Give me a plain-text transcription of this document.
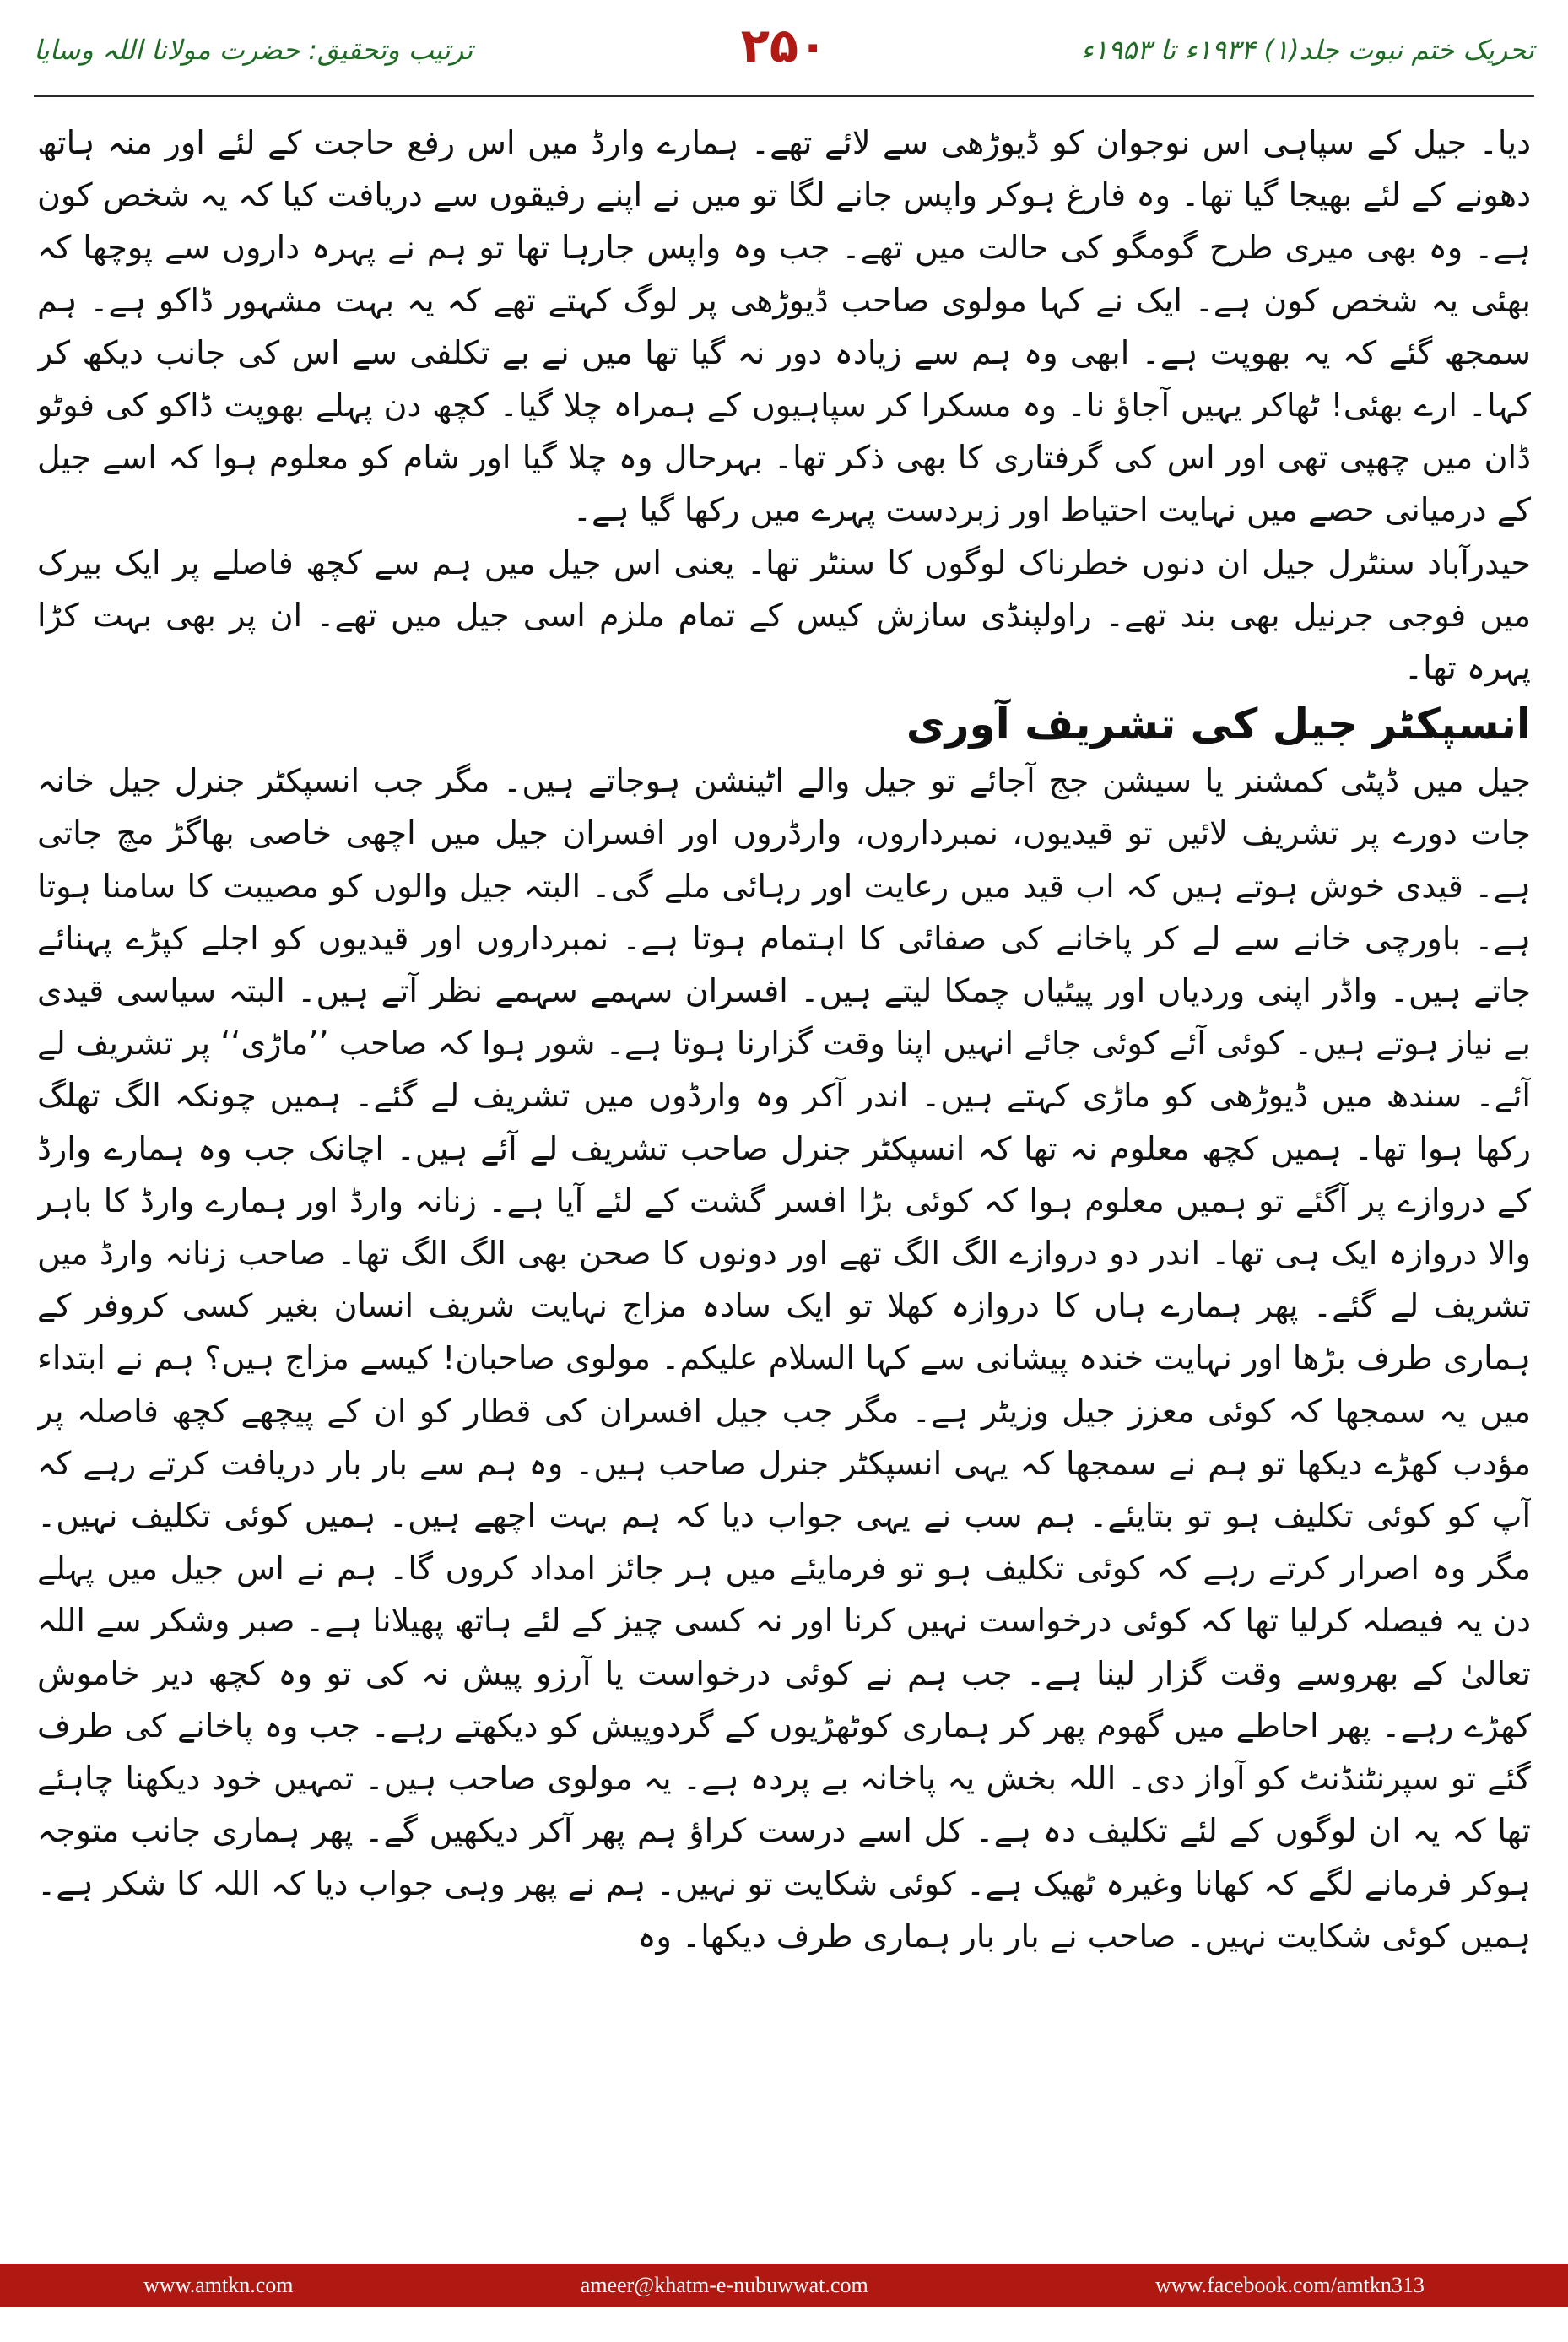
ترتیب وتحقیق: حضرت مولانا اللہ وسایا	۲۵۰	تحریک ختم نبوت جلد(۱) ۱۹۳۴ء تا ۱۹۵۳ء

دیا۔ جیل کے سپاہی اس نوجوان کو ڈیوڑھی سے لائے تھے۔ ہمارے وارڈ میں اس رفع حاجت کے لئے اور منہ ہاتھ دھونے کے لئے بھیجا گیا تھا۔ وہ فارغ ہوکر واپس جانے لگا تو میں نے اپنے رفیقوں سے دریافت کیا کہ یہ شخص کون ہے۔ وہ بھی میری طرح گومگو کی حالت میں تھے۔ جب وہ واپس جارہا تھا تو ہم نے پہرہ داروں سے پوچھا کہ بھئی یہ شخص کون ہے۔ ایک نے کہا مولوی صاحب ڈیوڑھی پر لوگ کہتے تھے کہ یہ بہت مشہور ڈاکو ہے۔ ہم سمجھ گئے کہ یہ بھوپت ہے۔ ابھی وہ ہم سے زیادہ دور نہ گیا تھا میں نے بے تکلفی سے اس کی جانب دیکھ کر کہا۔ ارے بھئی! ٹھاکر یہیں آجاؤ نا۔ وہ مسکرا کر سپاہیوں کے ہمراہ چلا گیا۔ کچھ دن پہلے بھوپت ڈاکو کی فوٹو ڈان میں چھپی تھی اور اس کی گرفتاری کا بھی ذکر تھا۔ بہرحال وہ چلا گیا اور شام کو معلوم ہوا کہ اسے جیل کے درمیانی حصے میں نہایت احتیاط اور زبردست پہرے میں رکھا گیا ہے۔

حیدرآباد سنٹرل جیل ان دنوں خطرناک لوگوں کا سنٹر تھا۔ یعنی اس جیل میں ہم سے کچھ فاصلے پر ایک بیرک میں فوجی جرنیل بھی بند تھے۔ راولپنڈی سازش کیس کے تمام ملزم اسی جیل میں تھے۔ ان پر بھی بہت کڑا پہرہ تھا۔

انسپکٹر جیل کی تشریف آوری

جیل میں ڈپٹی کمشنر یا سیشن جج آجائے تو جیل والے اٹینشن ہوجاتے ہیں۔ مگر جب انسپکٹر جنرل جیل خانہ جات دورے پر تشریف لائیں تو قیدیوں، نمبرداروں، وارڈروں اور افسران جیل میں اچھی خاصی بھاگڑ مچ جاتی ہے۔ قیدی خوش ہوتے ہیں کہ اب قید میں رعایت اور رہائی ملے گی۔ البتہ جیل والوں کو مصیبت کا سامنا ہوتا ہے۔ باورچی خانے سے لے کر پاخانے کی صفائی کا اہتمام ہوتا ہے۔ نمبرداروں اور قیدیوں کو اجلے کپڑے پہنائے جاتے ہیں۔ واڈر اپنی وردیاں اور پیٹیاں چمکا لیتے ہیں۔ افسران سہمے سہمے نظر آتے ہیں۔ البتہ سیاسی قیدی بے نیاز ہوتے ہیں۔ کوئی آئے کوئی جائے انہیں اپنا وقت گزارنا ہوتا ہے۔ شور ہوا کہ صاحب ’’ماڑی‘‘ پر تشریف لے آئے۔ سندھ میں ڈیوڑھی کو ماڑی کہتے ہیں۔ اندر آکر وہ وارڈوں میں تشریف لے گئے۔ ہمیں چونکہ الگ تھلگ رکھا ہوا تھا۔ ہمیں کچھ معلوم نہ تھا کہ انسپکٹر جنرل صاحب تشریف لے آئے ہیں۔ اچانک جب وہ ہمارے وارڈ کے دروازے پر آگئے تو ہمیں معلوم ہوا کہ کوئی بڑا افسر گشت کے لئے آیا ہے۔ زنانہ وارڈ اور ہمارے وارڈ کا باہر والا دروازہ ایک ہی تھا۔ اندر دو دروازے الگ الگ تھے اور دونوں کا صحن بھی الگ الگ تھا۔ صاحب زنانہ وارڈ میں تشریف لے گئے۔ پھر ہمارے ہاں کا دروازہ کھلا تو ایک سادہ مزاج نہایت شریف انسان بغیر کسی کروفر کے ہماری طرف بڑھا اور نہایت خندہ پیشانی سے کہا السلام علیکم۔ مولوی صاحبان! کیسے مزاج ہیں؟ ہم نے ابتداء میں یہ سمجھا کہ کوئی معزز جیل وزیٹر ہے۔ مگر جب جیل افسران کی قطار کو ان کے پیچھے کچھ فاصلہ پر مؤدب کھڑے دیکھا تو ہم نے سمجھا کہ یہی انسپکٹر جنرل صاحب ہیں۔ وہ ہم سے بار بار دریافت کرتے رہے کہ آپ کو کوئی تکلیف ہو تو بتایئے۔ ہم سب نے یہی جواب دیا کہ ہم بہت اچھے ہیں۔ ہمیں کوئی تکلیف نہیں۔ مگر وہ اصرار کرتے رہے کہ کوئی تکلیف ہو تو فرمایئے میں ہر جائز امداد کروں گا۔ ہم نے اس جیل میں پہلے دن یہ فیصلہ کرلیا تھا کہ کوئی درخواست نہیں کرنا اور نہ کسی چیز کے لئے ہاتھ پھیلانا ہے۔ صبر وشکر سے اللہ تعالیٰ کے بھروسے وقت گزار لینا ہے۔ جب ہم نے کوئی درخواست یا آرزو پیش نہ کی تو وہ کچھ دیر خاموش کھڑے رہے۔ پھر احاطے میں گھوم پھر کر ہماری کوٹھڑیوں کے گردوپیش کو دیکھتے رہے۔ جب وہ پاخانے کی طرف گئے تو سپرنٹنڈنٹ کو آواز دی۔ اللہ بخش یہ پاخانہ بے پردہ ہے۔ یہ مولوی صاحب ہیں۔ تمہیں خود دیکھنا چاہئے تھا کہ یہ ان لوگوں کے لئے تکلیف دہ ہے۔ کل اسے درست کراؤ ہم پھر آکر دیکھیں گے۔ پھر ہماری جانب متوجہ ہوکر فرمانے لگے کہ کھانا وغیرہ ٹھیک ہے۔ کوئی شکایت تو نہیں۔ ہم نے پھر وہی جواب دیا کہ اللہ کا شکر ہے۔ ہمیں کوئی شکایت نہیں۔ صاحب نے بار بار ہماری طرف دیکھا۔ وہ

www.amtkn.com	ameer@khatm-e-nubuwwat.com	www.facebook.com/amtkn313
